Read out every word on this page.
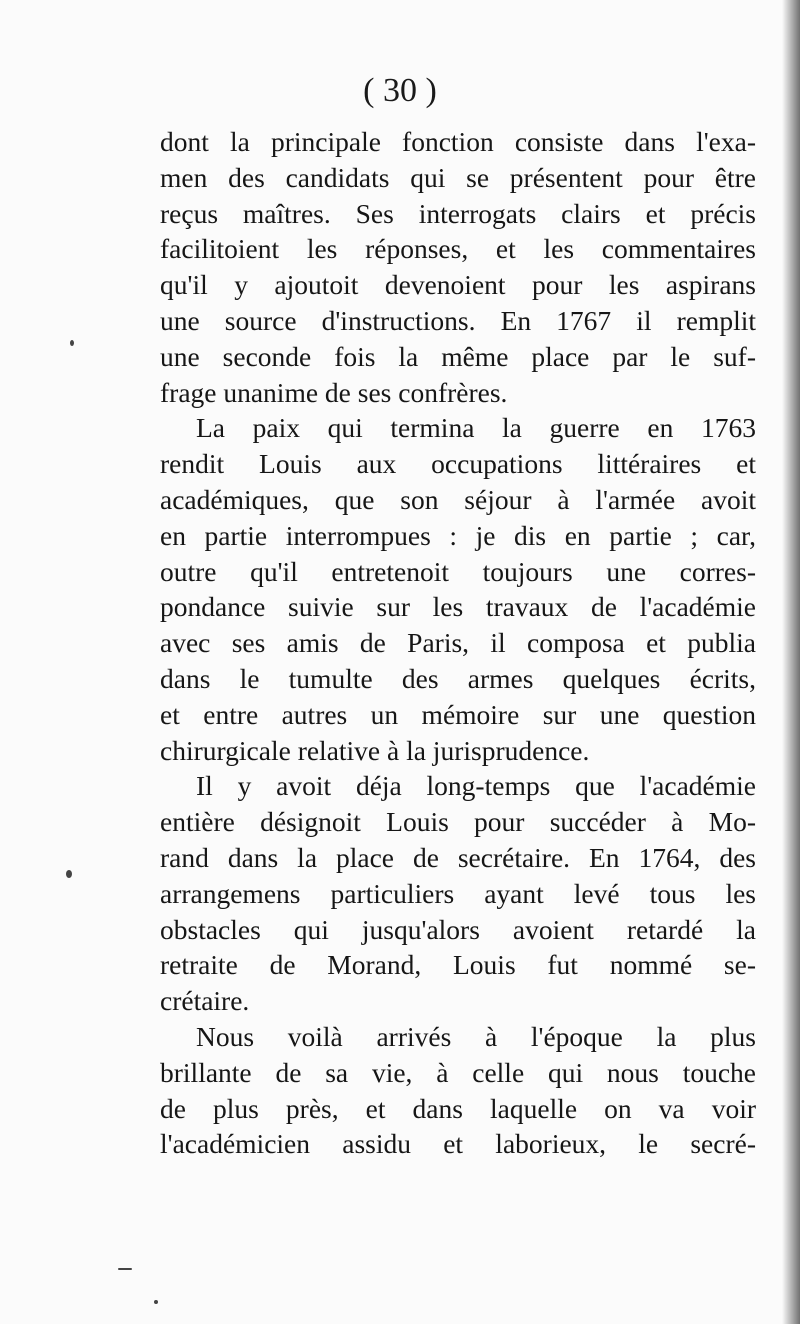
( 30 )
dont la principale fonction consiste dans l'exa-
men des candidats qui se présentent pour être
reçus maîtres. Ses interrogats clairs et précis
facilitoient les réponses, et les commentaires
qu'il y ajoutoit devenoient pour les aspirans
une source d'instructions. En 1767 il remplit
une seconde fois la même place par le suf-
frage unanime de ses confrères.
La paix qui termina la guerre en 1763
rendit Louis aux occupations littéraires et
académiques, que son séjour à l'armée avoit
en partie interrompues : je dis en partie ; car,
outre qu'il entretenoit toujours une corres-
pondance suivie sur les travaux de l'académie
avec ses amis de Paris, il composa et publia
dans le tumulte des armes quelques écrits,
et entre autres un mémoire sur une question
chirurgicale relative à la jurisprudence.
Il y avoit déja long-temps que l'académie
entière désignoit Louis pour succéder à Mo-
rand dans la place de secrétaire. En 1764, des
arrangemens particuliers ayant levé tous les
obstacles qui jusqu'alors avoient retardé la
retraite de Morand, Louis fut nommé se-
crétaire.
Nous voilà arrivés à l'époque la plus
brillante de sa vie, à celle qui nous touche
de plus près, et dans laquelle on va voir
l'académicien assidu et laborieux, le secré-
